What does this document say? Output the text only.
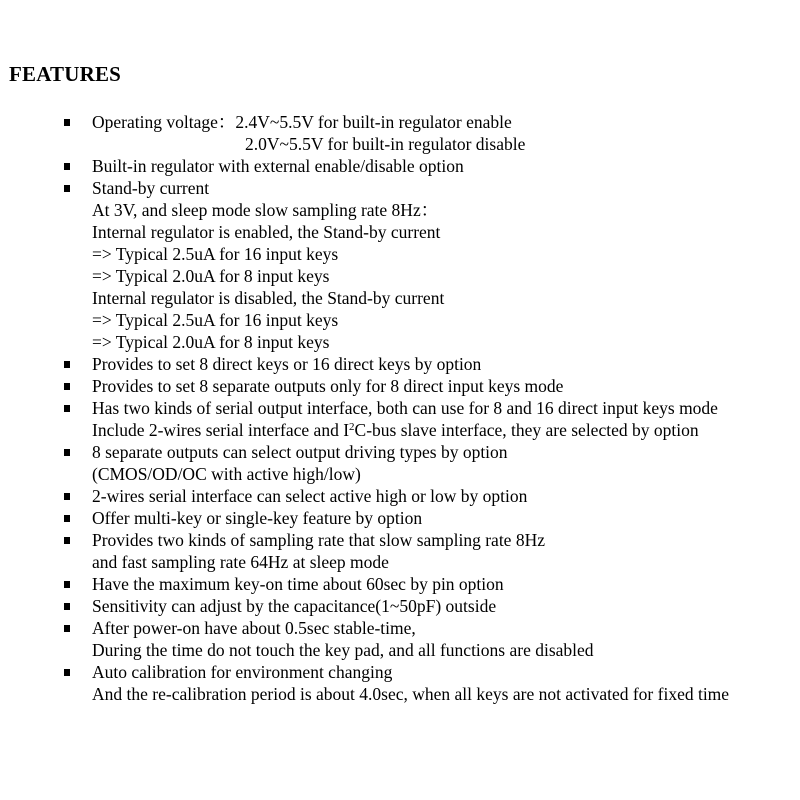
FEATURES
Operating voltage：2.4V~5.5V for built-in regulator enable
2.0V~5.5V for built-in regulator disable
Built-in regulator with external enable/disable option
Stand-by current
At 3V, and sleep mode slow sampling rate 8Hz：
Internal regulator is enabled, the Stand-by current
=> Typical 2.5uA for 16 input keys
=> Typical 2.0uA for 8 input keys
Internal regulator is disabled, the Stand-by current
=> Typical 2.5uA for 16 input keys
=> Typical 2.0uA for 8 input keys
Provides to set 8 direct keys or 16 direct keys by option
Provides to set 8 separate outputs only for 8 direct input keys mode
Has two kinds of serial output interface, both can use for 8 and 16 direct input keys mode
Include 2-wires serial interface and $I^2C$-bus slave interface, they are selected by option
8 separate outputs can select output driving types by option
(CMOS/OD/OC with active high/low)
2-wires serial interface can select active high or low by option
Offer multi-key or single-key feature by option
Provides two kinds of sampling rate that slow sampling rate 8Hz
and fast sampling rate 64Hz at sleep mode
Have the maximum key-on time about 60sec by pin option
Sensitivity can adjust by the capacitance(1~50pF) outside
After power-on have about 0.5sec stable-time,
During the time do not touch the key pad, and all functions are disabled
Auto calibration for environment changing
And the re-calibration period is about 4.0sec, when all keys are not activated for fixed time
